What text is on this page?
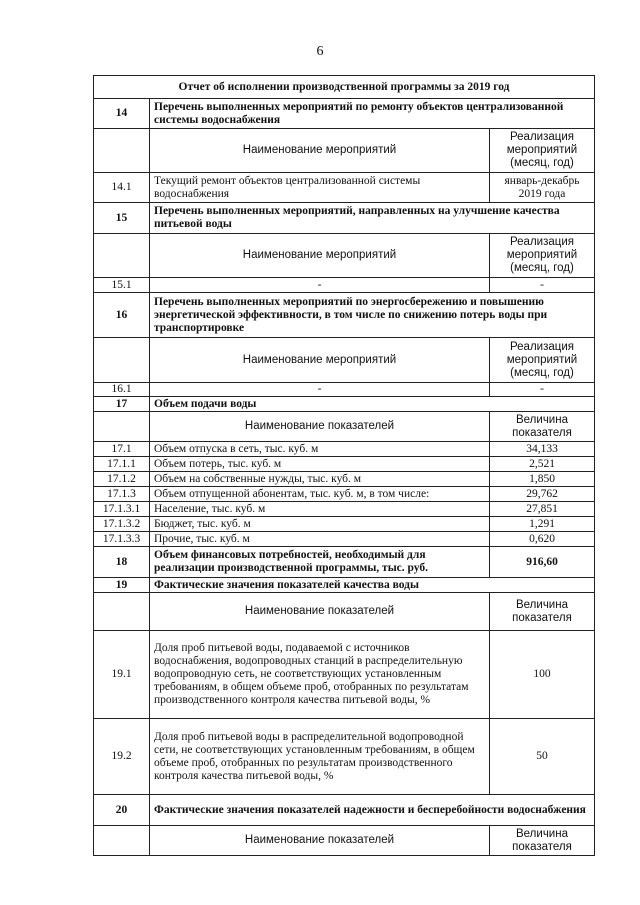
6
Отчет об исполнении производственной программы за 2019 год		
14	Перечень выполненных мероприятий по ремонту объектов централизованной системы водоснабжения	
	Наименование мероприятий	Реализация мероприятий (месяц, год)
14.1	Текущий ремонт объектов централизованной системы водоснабжения	январь-декабрь 2019 года
15	Перечень выполненных мероприятий, направленных на улучшение качества питьевой воды	
	Наименование мероприятий	Реализация мероприятий (месяц, год)
15.1	-	-
16	Перечень выполненных мероприятий по энергосбережению и повышению энергетической эффективности, в том числе по снижению потерь воды при транспортировке	
	Наименование мероприятий	Реализация мероприятий (месяц, год)
16.1	-	-
17	Объем подачи воды	
	Наименование показателей	Величина показателя
17.1	Объем отпуска в сеть, тыс. куб. м	34,133
17.1.1	Объем потерь, тыс. куб. м	2,521
17.1.2	Объем на собственные нужды, тыс. куб. м	1,850
17.1.3	Объем отпущенной абонентам, тыс. куб. м, в том числе:	29,762
17.1.3.1	Население, тыс. куб. м	27,851
17.1.3.2	Бюджет, тыс. куб. м	1,291
17.1.3.3	Прочие, тыс. куб. м	0,620
18	Объем финансовых потребностей, необходимый для реализации производственной программы, тыс. руб.	916,60
19	Фактические значения показателей качества воды	
	Наименование показателей	Величина показателя
19.1	Доля проб питьевой воды, подаваемой с источников водоснабжения, водопроводных станций в распределительную водопроводную сеть, не соответствующих установленным требованиям, в общем объеме проб, отобранных по результатам производственного контроля качества питьевой воды, %	100
19.2	Доля проб питьевой воды в распределительной водопроводной сети, не соответствующих установленным требованиям, в общем объеме проб, отобранных по результатам производственного контроля качества питьевой воды, %	50
20	Фактические значения показателей надежности и бесперебойности водоснабжения	
	Наименование показателей	Величина показателя
